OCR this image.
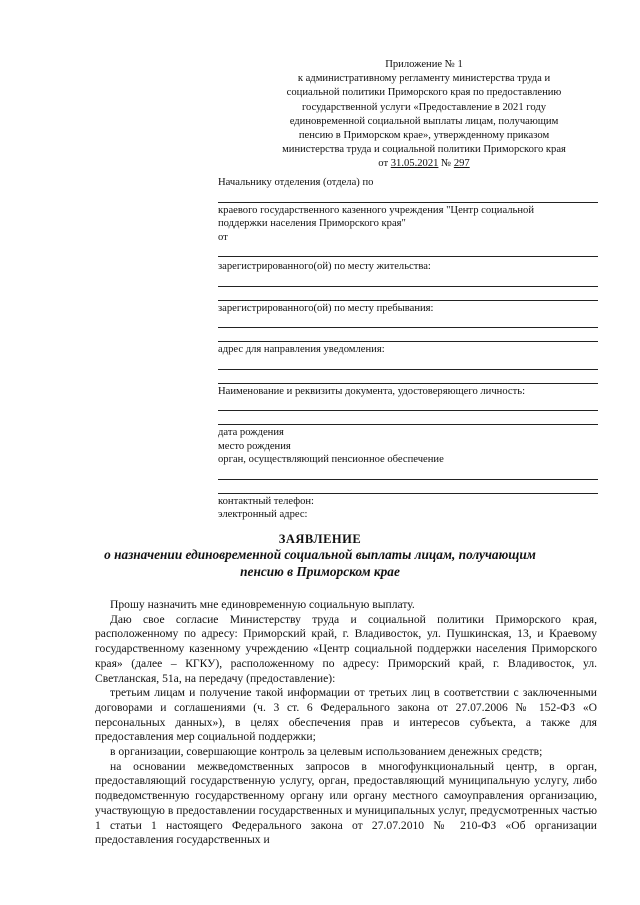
Приложение № 1
к административному регламенту министерства труда и
социальной политики Приморского края по предоставлению
государственной услуги «Предоставление в 2021 году
единовременной социальной выплаты лицам, получающим
пенсию в Приморском крае», утвержденному приказом
министерства труда и социальной политики Приморского края
от 31.05.2021 № 297
Начальнику отделения (отдела) по
краевого государственного казенного учреждения "Центр социальной
поддержки населения Приморского края"
от
зарегистрированного(ой) по месту жительства:
зарегистрированного(ой) по месту пребывания:
адрес для направления уведомления:
Наименование и реквизиты документа, удостоверяющего личность:
дата рождения
место рождения
орган, осуществляющий пенсионное обеспечение
контактный телефон:
электронный адрес:
ЗАЯВЛЕНИЕ
о назначении единовременной социальной выплаты лицам, получающим
пенсию в Приморском крае

Прошу назначить мне единовременную социальную выплату.

Даю свое согласие Министерству труда и социальной политики Приморского края, расположенному по адресу: Приморский край, г. Владивосток, ул. Пушкинская, 13, и Краевому государственному казенному учреждению «Центр социальной поддержки населения Приморского края» (далее – КГКУ), расположенному по адресу: Приморский край, г. Владивосток, ул. Светланская, 51а, на передачу (предоставление):

третьим лицам и получение такой информации от третьих лиц в соответствии с заключенными договорами и соглашениями (ч. 3 ст. 6 Федерального закона от 27.07.2006 № 152-ФЗ «О персональных данных»), в целях обеспечения прав и интересов субъекта, а также для предоставления мер социальной поддержки;

в организации, совершающие контроль за целевым использованием денежных средств;

на основании межведомственных запросов в многофункциональный центр, в орган, предоставляющий государственную услугу, орган, предоставляющий муниципальную услугу, либо подведомственную государственному органу или органу местного самоуправления организацию, участвующую в предоставлении государственных и муниципальных услуг, предусмотренных частью 1 статьи 1 настоящего Федерального закона от 27.07.2010 № 210-ФЗ «Об организации предоставления государственных и
